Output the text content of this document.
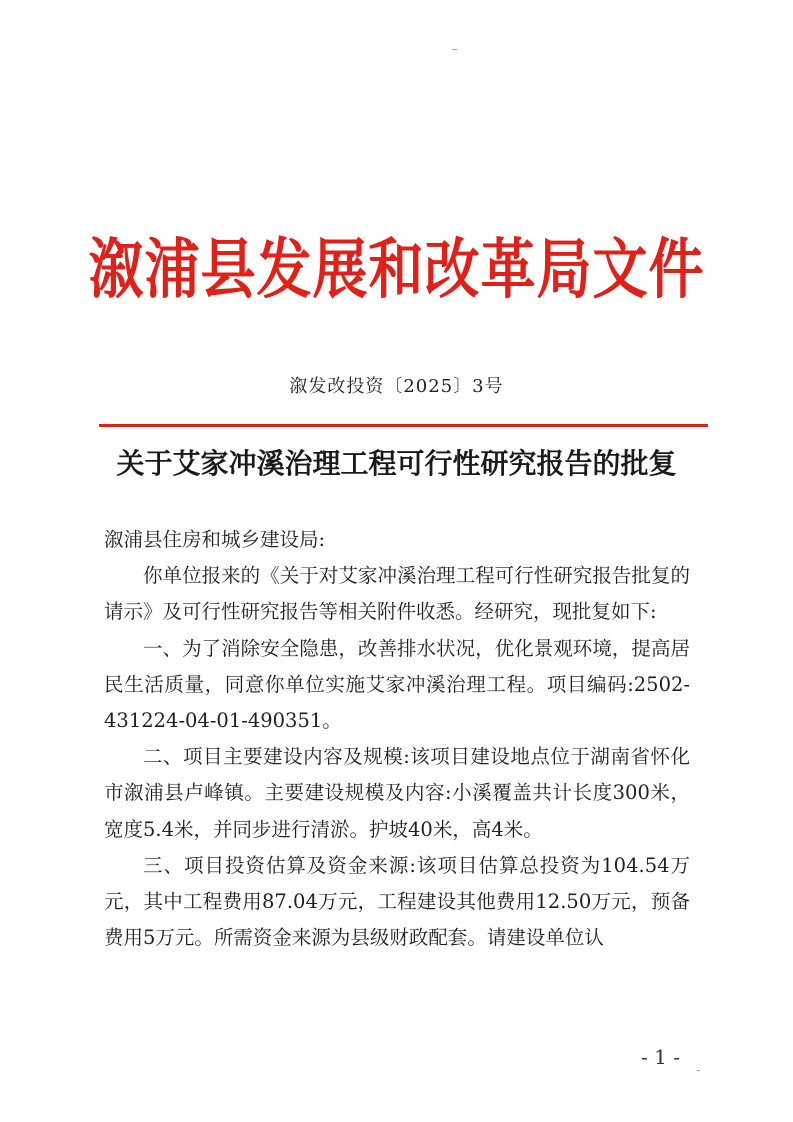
溆浦县发展和改革局文件
溆发改投资〔2025〕3号
关于艾家冲溪治理工程可行性研究报告的批复

溆浦县住房和城乡建设局:

你单位报来的《关于对艾家冲溪治理工程可行性研究报告批复的请示》及可行性研究报告等相关附件收悉。经研究，现批复如下:

一、为了消除安全隐患，改善排水状况，优化景观环境，提高居民生活质量，同意你单位实施艾家冲溪治理工程。项目编码:2502-431224-04-01-490351。

二、项目主要建设内容及规模:该项目建设地点位于湖南省怀化市溆浦县卢峰镇。主要建设规模及内容:小溪覆盖共计长度300米，宽度5.4米，并同步进行清淤。护坡40米，高4米。

三、项目投资估算及资金来源:该项目估算总投资为104.54万元，其中工程费用87.04万元，工程建设其他费用12.50万元，预备费用5万元。所需资金来源为县级财政配套。请建设单位认

- 1 -
